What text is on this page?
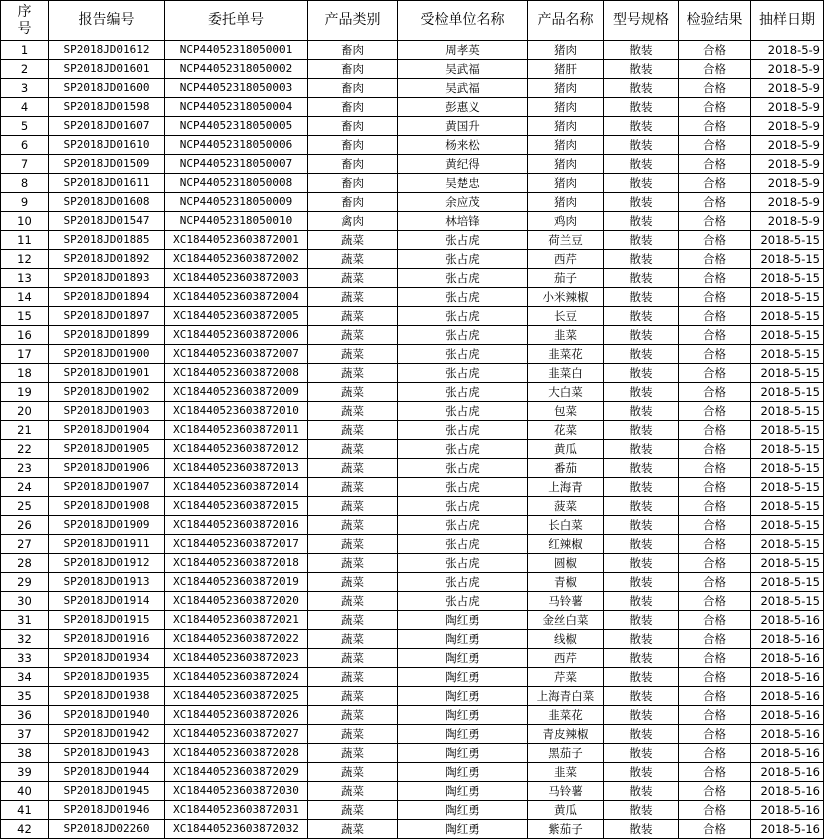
序
号	报告编号	委托单号	产品类别	受检单位名称	产品名称	型号规格	检验结果	抽样日期
1	SP2018JD01612	NCP44052318050001	畜肉	周孝英	猪肉	散装	合格	2018-5-9
2	SP2018JD01601	NCP44052318050002	畜肉	吴武福	猪肝	散装	合格	2018-5-9
3	SP2018JD01600	NCP44052318050003	畜肉	吴武福	猪肉	散装	合格	2018-5-9
4	SP2018JD01598	NCP44052318050004	畜肉	彭惠义	猪肉	散装	合格	2018-5-9
5	SP2018JD01607	NCP44052318050005	畜肉	黄国升	猪肉	散装	合格	2018-5-9
6	SP2018JD01610	NCP44052318050006	畜肉	杨来松	猪肉	散装	合格	2018-5-9
7	SP2018JD01509	NCP44052318050007	畜肉	黄纪得	猪肉	散装	合格	2018-5-9
8	SP2018JD01611	NCP44052318050008	畜肉	吴楚忠	猪肉	散装	合格	2018-5-9
9	SP2018JD01608	NCP44052318050009	畜肉	余应茂	猪肉	散装	合格	2018-5-9
10	SP2018JD01547	NCP44052318050010	禽肉	林培锋	鸡肉	散装	合格	2018-5-9
11	SP2018JD01885	XC18440523603872001	蔬菜	张占虎	荷兰豆	散装	合格	2018-5-15
12	SP2018JD01892	XC18440523603872002	蔬菜	张占虎	西芹	散装	合格	2018-5-15
13	SP2018JD01893	XC18440523603872003	蔬菜	张占虎	茄子	散装	合格	2018-5-15
14	SP2018JD01894	XC18440523603872004	蔬菜	张占虎	小米辣椒	散装	合格	2018-5-15
15	SP2018JD01897	XC18440523603872005	蔬菜	张占虎	长豆	散装	合格	2018-5-15
16	SP2018JD01899	XC18440523603872006	蔬菜	张占虎	韭菜	散装	合格	2018-5-15
17	SP2018JD01900	XC18440523603872007	蔬菜	张占虎	韭菜花	散装	合格	2018-5-15
18	SP2018JD01901	XC18440523603872008	蔬菜	张占虎	韭菜白	散装	合格	2018-5-15
19	SP2018JD01902	XC18440523603872009	蔬菜	张占虎	大白菜	散装	合格	2018-5-15
20	SP2018JD01903	XC18440523603872010	蔬菜	张占虎	包菜	散装	合格	2018-5-15
21	SP2018JD01904	XC18440523603872011	蔬菜	张占虎	花菜	散装	合格	2018-5-15
22	SP2018JD01905	XC18440523603872012	蔬菜	张占虎	黄瓜	散装	合格	2018-5-15
23	SP2018JD01906	XC18440523603872013	蔬菜	张占虎	番茄	散装	合格	2018-5-15
24	SP2018JD01907	XC18440523603872014	蔬菜	张占虎	上海青	散装	合格	2018-5-15
25	SP2018JD01908	XC18440523603872015	蔬菜	张占虎	菠菜	散装	合格	2018-5-15
26	SP2018JD01909	XC18440523603872016	蔬菜	张占虎	长白菜	散装	合格	2018-5-15
27	SP2018JD01911	XC18440523603872017	蔬菜	张占虎	红辣椒	散装	合格	2018-5-15
28	SP2018JD01912	XC18440523603872018	蔬菜	张占虎	圆椒	散装	合格	2018-5-15
29	SP2018JD01913	XC18440523603872019	蔬菜	张占虎	青椒	散装	合格	2018-5-15
30	SP2018JD01914	XC18440523603872020	蔬菜	张占虎	马铃薯	散装	合格	2018-5-15
31	SP2018JD01915	XC18440523603872021	蔬菜	陶红勇	金丝白菜	散装	合格	2018-5-16
32	SP2018JD01916	XC18440523603872022	蔬菜	陶红勇	线椒	散装	合格	2018-5-16
33	SP2018JD01934	XC18440523603872023	蔬菜	陶红勇	西芹	散装	合格	2018-5-16
34	SP2018JD01935	XC18440523603872024	蔬菜	陶红勇	芹菜	散装	合格	2018-5-16
35	SP2018JD01938	XC18440523603872025	蔬菜	陶红勇	上海青白菜	散装	合格	2018-5-16
36	SP2018JD01940	XC18440523603872026	蔬菜	陶红勇	韭菜花	散装	合格	2018-5-16
37	SP2018JD01942	XC18440523603872027	蔬菜	陶红勇	青皮辣椒	散装	合格	2018-5-16
38	SP2018JD01943	XC18440523603872028	蔬菜	陶红勇	黑茄子	散装	合格	2018-5-16
39	SP2018JD01944	XC18440523603872029	蔬菜	陶红勇	韭菜	散装	合格	2018-5-16
40	SP2018JD01945	XC18440523603872030	蔬菜	陶红勇	马铃薯	散装	合格	2018-5-16
41	SP2018JD01946	XC18440523603872031	蔬菜	陶红勇	黄瓜	散装	合格	2018-5-16
42	SP2018JD02260	XC18440523603872032	蔬菜	陶红勇	紫茄子	散装	合格	2018-5-16
